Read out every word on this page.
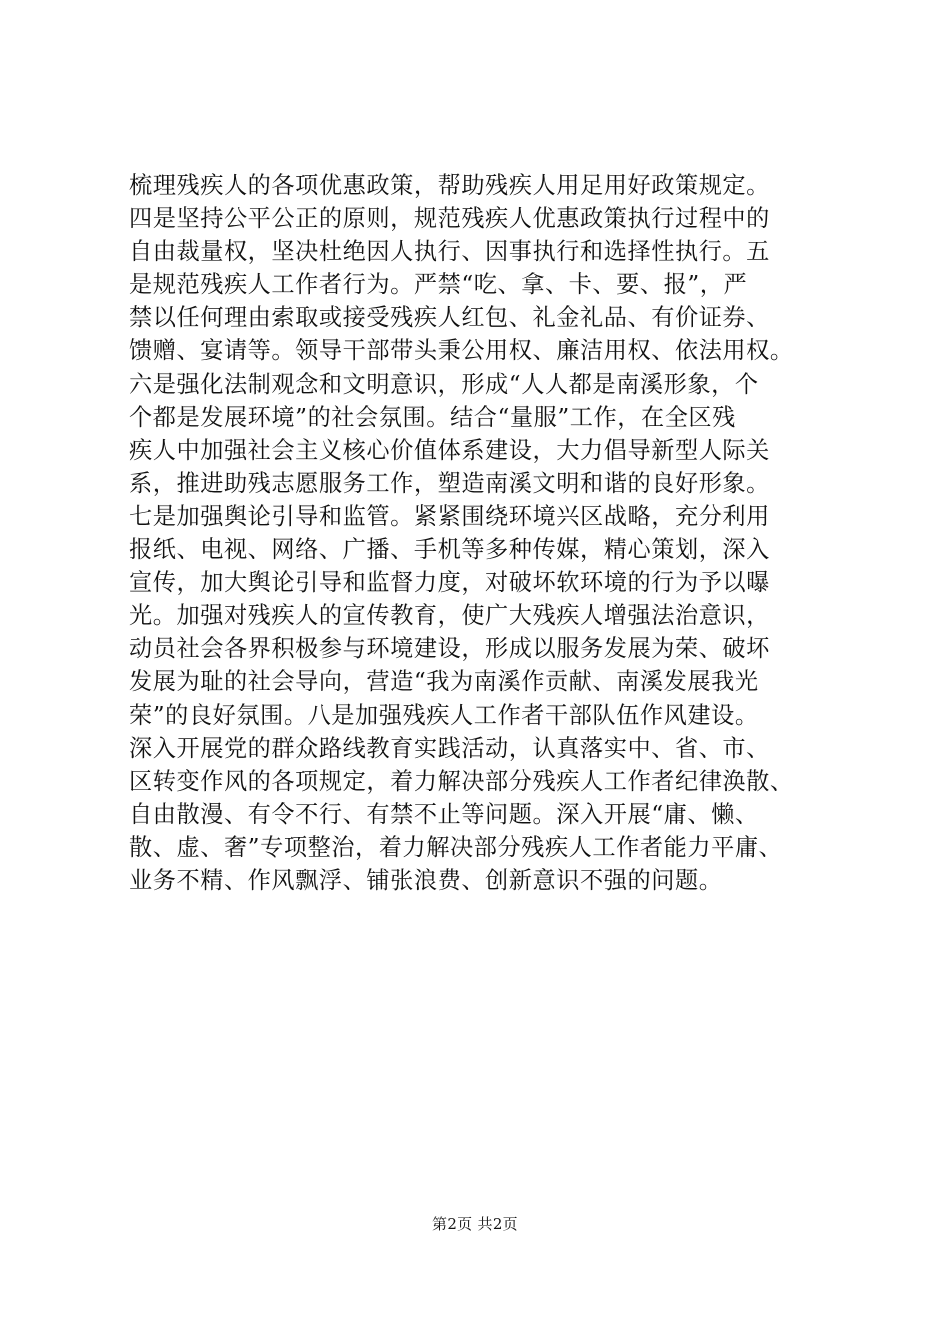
梳理残疾人的各项优惠政策，帮助残疾人用足用好政策规定。
四是坚持公平公正的原则，规范残疾人优惠政策执行过程中的
自由裁量权，坚决杜绝因人执行、因事执行和选择性执行。五
是规范残疾人工作者行为。严禁“吃、拿、卡、要、报”，严
禁以任何理由索取或接受残疾人红包、礼金礼品、有价证券、
馈赠、宴请等。领导干部带头秉公用权、廉洁用权、依法用权。
六是强化法制观念和文明意识，形成“人人都是南溪形象，个
个都是发展环境”的社会氛围。结合“量服”工作，在全区残
疾人中加强社会主义核心价值体系建设，大力倡导新型人际关
系，推进助残志愿服务工作，塑造南溪文明和谐的良好形象。
七是加强舆论引导和监管。紧紧围绕环境兴区战略，充分利用
报纸、电视、网络、广播、手机等多种传媒，精心策划，深入
宣传，加大舆论引导和监督力度，对破坏软环境的行为予以曝
光。加强对残疾人的宣传教育，使广大残疾人增强法治意识，
动员社会各界积极参与环境建设，形成以服务发展为荣、破坏
发展为耻的社会导向，营造“我为南溪作贡献、南溪发展我光
荣”的良好氛围。八是加强残疾人工作者干部队伍作风建设。
深入开展党的群众路线教育实践活动，认真落实中、省、市、
区转变作风的各项规定，着力解决部分残疾人工作者纪律涣散、
自由散漫、有令不行、有禁不止等问题。深入开展“庸、懒、
散、虚、奢”专项整治，着力解决部分残疾人工作者能力平庸、
业务不精、作风飘浮、铺张浪费、创新意识不强的问题。
第2页 共2页
